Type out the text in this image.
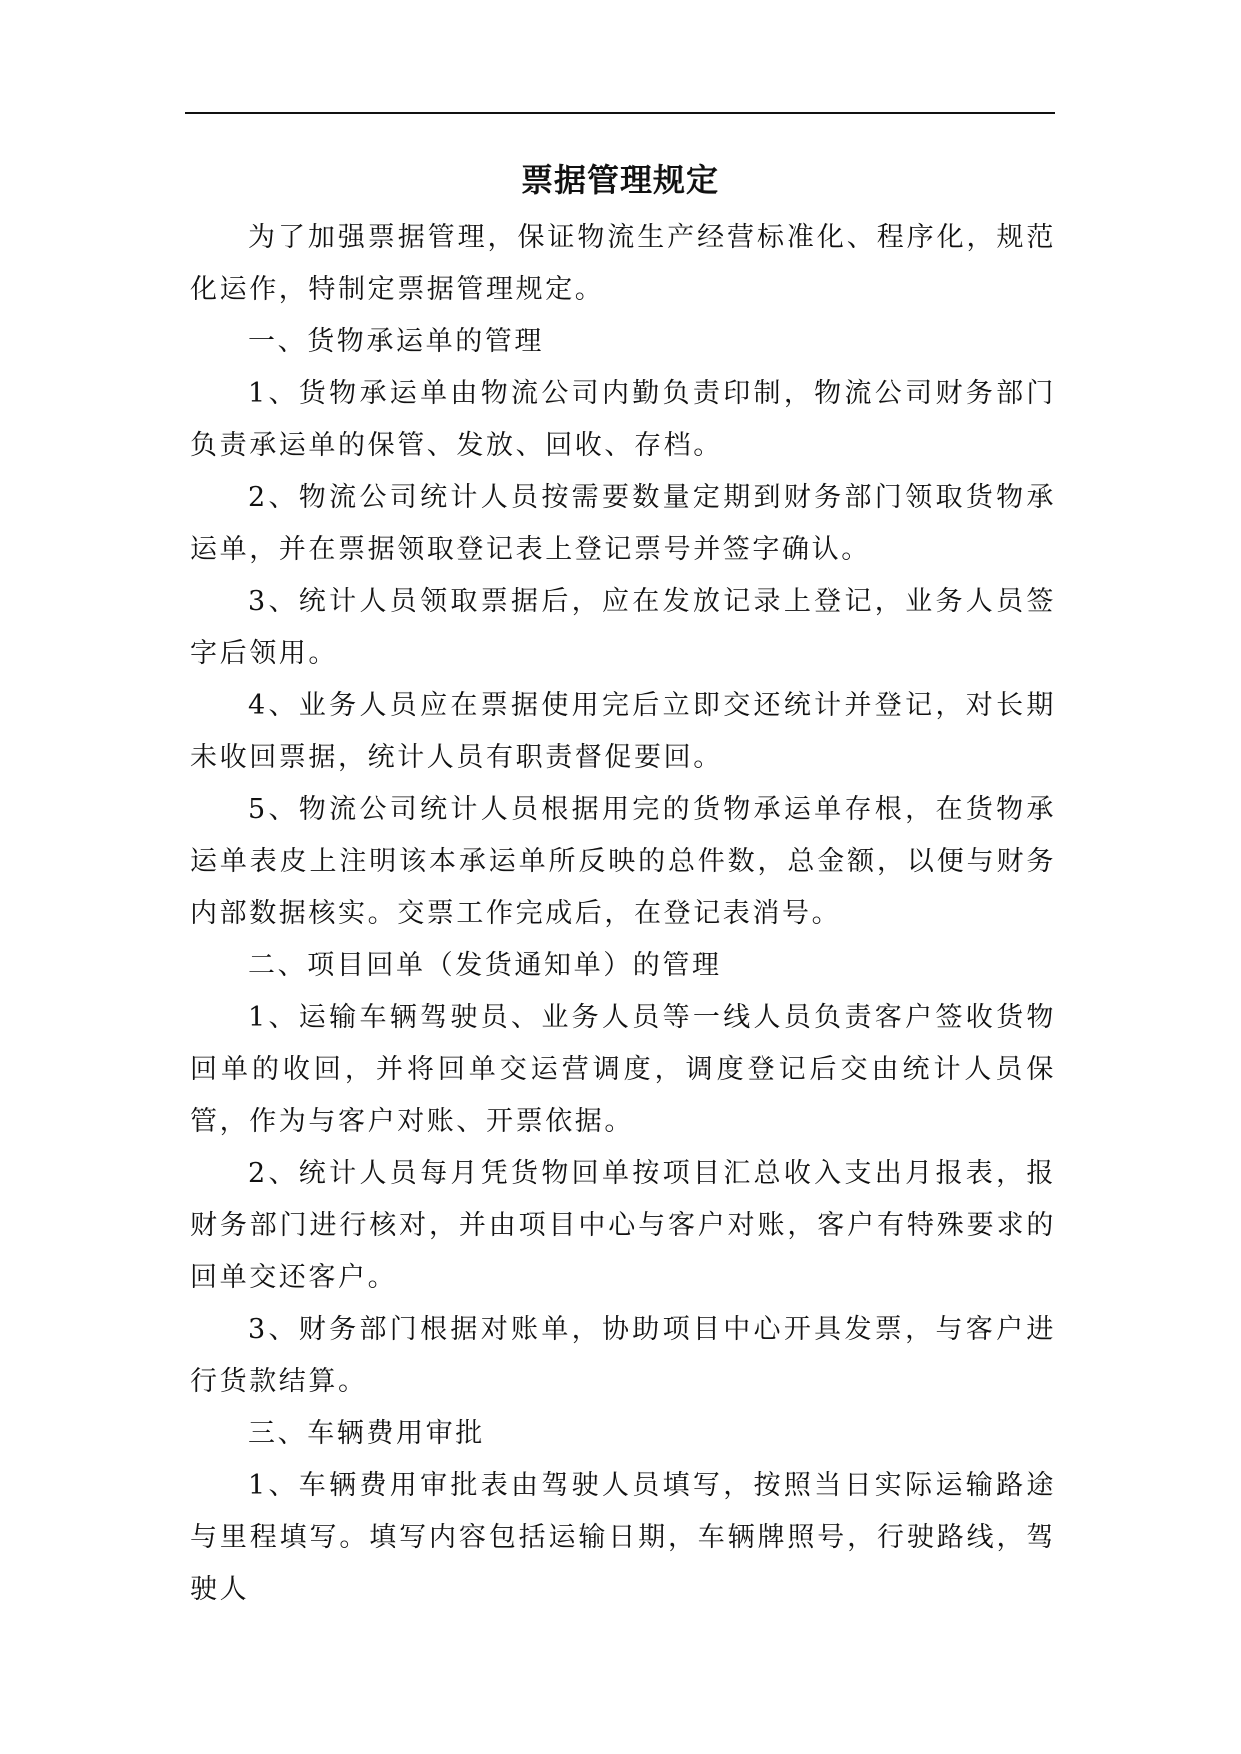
票据管理规定

为了加强票据管理，保证物流生产经营标准化、程序化，规范化运作，特制定票据管理规定。

一、货物承运单的管理

1、货物承运单由物流公司内勤负责印制，物流公司财务部门负责承运单的保管、发放、回收、存档。

2、物流公司统计人员按需要数量定期到财务部门领取货物承运单，并在票据领取登记表上登记票号并签字确认。

3、统计人员领取票据后，应在发放记录上登记，业务人员签字后领用。

4、业务人员应在票据使用完后立即交还统计并登记，对长期未收回票据，统计人员有职责督促要回。

5、物流公司统计人员根据用完的货物承运单存根，在货物承运单表皮上注明该本承运单所反映的总件数，总金额，以便与财务内部数据核实。交票工作完成后，在登记表消号。

二、项目回单（发货通知单）的管理

1、运输车辆驾驶员、业务人员等一线人员负责客户签收货物回单的收回，并将回单交运营调度，调度登记后交由统计人员保管，作为与客户对账、开票依据。

2、统计人员每月凭货物回单按项目汇总收入支出月报表，报财务部门进行核对，并由项目中心与客户对账，客户有特殊要求的回单交还客户。

3、财务部门根据对账单，协助项目中心开具发票，与客户进行货款结算。

三、车辆费用审批

1、车辆费用审批表由驾驶人员填写，按照当日实际运输路途与里程填写。填写内容包括运输日期，车辆牌照号，行驶路线，驾驶人
